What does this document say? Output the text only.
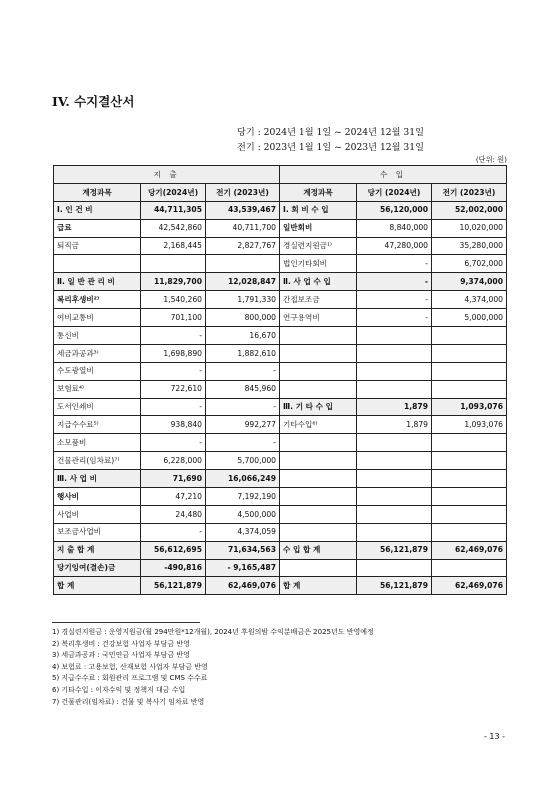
IV. 수지결산서
당기 : 2024년 1월 1일 ~ 2024년 12월 31일
전기 : 2023년 1월 1일 ~ 2023년 12월 31일
(단위: 원)
지 출			수 입		
계정과목	당기(2024년)	전기 (2023년)	계정과목	당기 (2024년)	전기 (2023년)
Ⅰ. 인 건 비	44,711,305	43,539,467	Ⅰ. 회 비 수 입	56,120,000	52,002,000
급료	42,542,860	40,711,700	일반회비	8,840,000	10,020,000
퇴직금	2,168,445	2,827,767	경실련지원금¹⁾	47,280,000	35,280,000
			법인기타회비	-	6,702,000
Ⅱ. 일 반 관 리 비	11,829,700	12,028,847	Ⅱ. 사 업 수 입	-	9,374,000
복리후생비²⁾	1,540,260	1,791,330	간접보조금	-	4,374,000
여비교통비	701,100	800,000	연구용역비	-	5,000,000
통신비	-	16,670			
세금과공과³⁾	1,698,890	1,882,610			
수도광열비	-	-			
보험료⁴⁾	722,610	845,960			
도서인쇄비	-	-	Ⅲ. 기 타 수 입	1,879	1,093,076
지급수수료⁵⁾	938,840	992,277	기타수입⁶⁾	1,879	1,093,076
소모품비	-	-			
건물관리(임차료)⁷⁾	6,228,000	5,700,000			
Ⅲ. 사 업 비	71,690	16,066,249			
행사비	47,210	7,192,190			
사업비	24,480	4,500,000			
보조금사업비	-	4,374,059			
지 출 합 계	56,612,695	71,634,563	수 입 합 계	56,121,879	62,469,076
당기잉여(결손)금	-490,816	- 9,165,487			
합 계	56,121,879	62,469,076	합 계	56,121,879	62,469,076
1) 경실련지원금 : 운영지원금(월 294만원*12개월), 2024년 후원의밤 수익분배금은 2025년도 반영예정
2) 복리후생비 : 건강보험 사업자 부담금 반영
3) 세금과공과 : 국민연금 사업자 부담금 반영
4) 보험료 : 고용보험, 산재보험 사업자 부담금 반영
5) 지급수수료 : 회원관리 프로그램 및 CMS 수수료
6) 기타수입 : 이자수익 및 정책지 대금 수입
7) 건물관리(임차료) : 건물 및 복사기 임차료 반영
- 13 -
